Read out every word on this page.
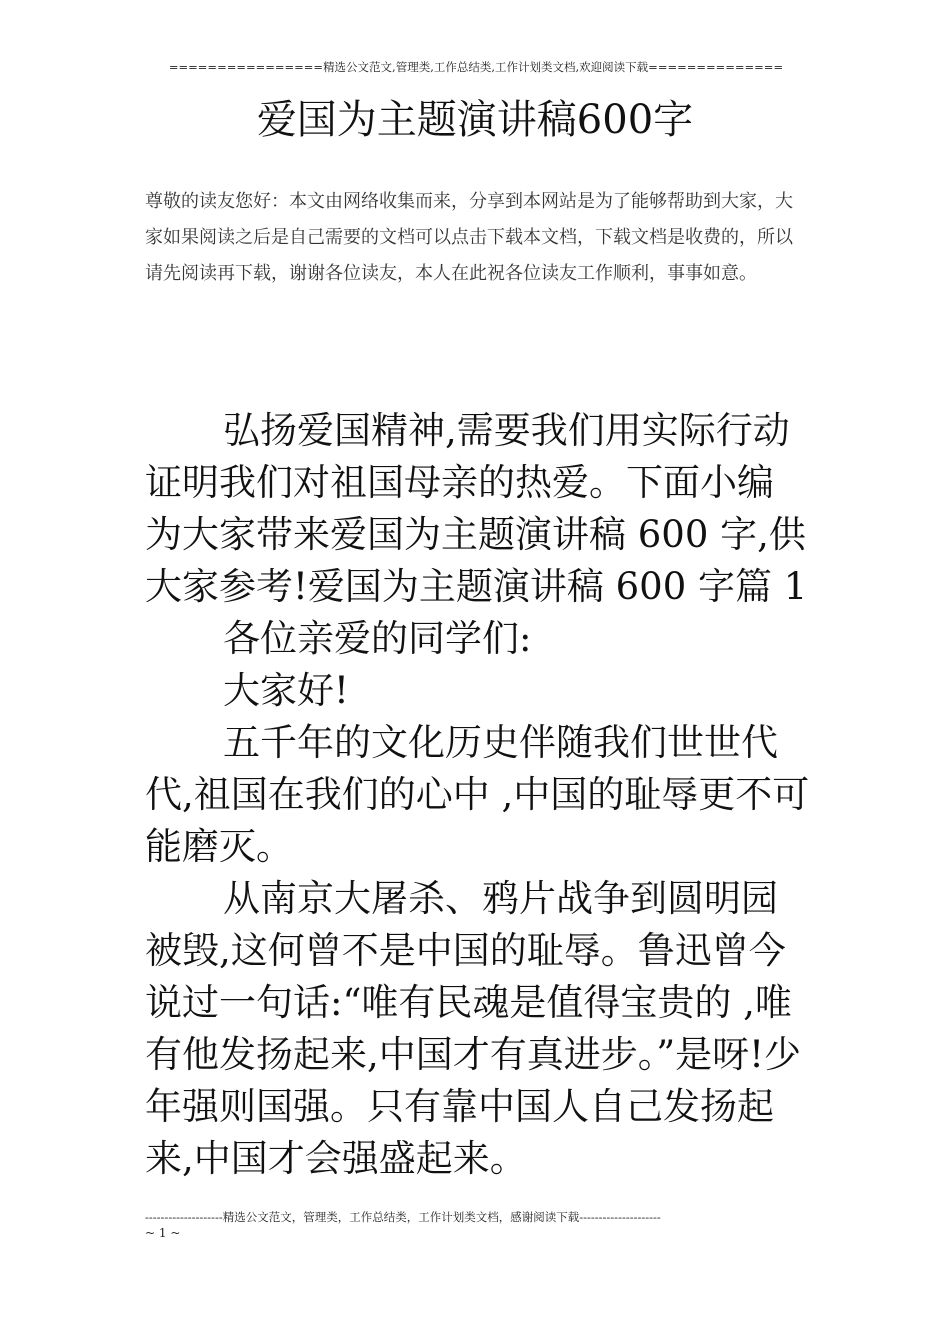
================精选公文范文,管理类,工作总结类,工作计划类文档,欢迎阅读下载==============
爱国为主题演讲稿600字
尊敬的读友您好：本文由网络收集而来，分享到本网站是为了能够帮助到大家，大家如果阅读之后是自己需要的文档可以点击下载本文档，下载文档是收费的，所以请先阅读再下载，谢谢各位读友，本人在此祝各位读友工作顺利，事事如意。

弘扬爱国精神,需要我们用实际行动证明我们对祖国母亲的热爱。下面小编为大家带来爱国为主题演讲稿 600 字,供大家参考!爱国为主题演讲稿 600 字篇 1

各位亲爱的同学们:

大家好!

五千年的文化历史伴随我们世世代代,祖国在我们的心中 ,中国的耻辱更不可能磨灭。

从南京大屠杀、鸦片战争到圆明园被毁,这何曾不是中国的耻辱。鲁迅曾今说过一句话:“唯有民魂是值得宝贵的 ,唯有他发扬起来,中国才有真进步。”是呀!少年强则国强。只有靠中国人自己发扬起来,中国才会强盛起来。

--------------------精选公文范文，管理类，工作总结类，工作计划类文档，感谢阅读下载---------------------
~ 1 ~
